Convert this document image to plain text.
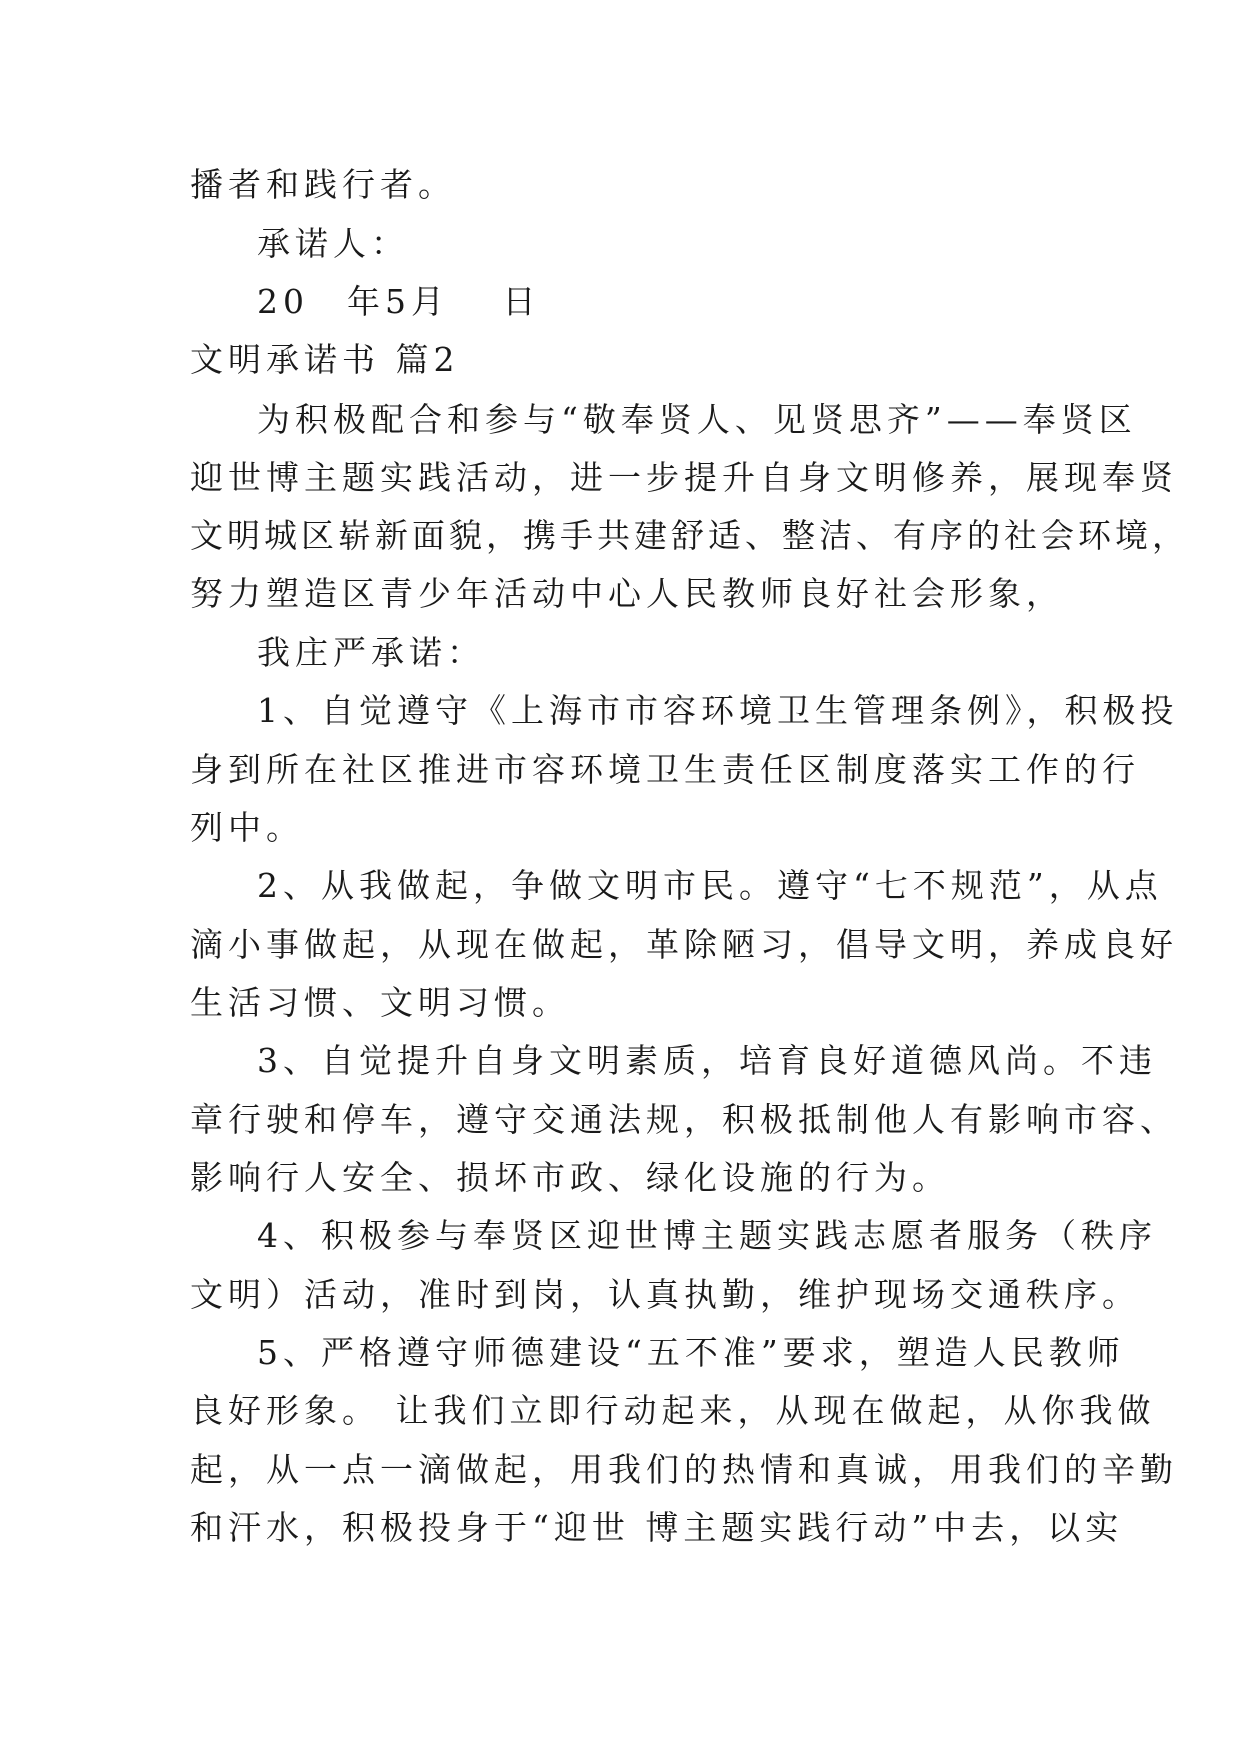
播者和践行者。
承诺人：
20　年5月　 日
文明承诺书 篇2
为积极配合和参与“敬奉贤人、见贤思齐”——奉贤区
迎世博主题实践活动，进一步提升自身文明修养，展现奉贤
文明城区崭新面貌，携手共建舒适、整洁、有序的社会环境，
努力塑造区青少年活动中心人民教师良好社会形象，
我庄严承诺：
1、自觉遵守《上海市市容环境卫生管理条例》，积极投
身到所在社区推进市容环境卫生责任区制度落实工作的行
列中。
2、从我做起，争做文明市民。遵守“七不规范”，从点
滴小事做起，从现在做起，革除陋习，倡导文明，养成良好
生活习惯、文明习惯。
3、自觉提升自身文明素质，培育良好道德风尚。不违
章行驶和停车，遵守交通法规，积极抵制他人有影响市容、
影响行人安全、损坏市政、绿化设施的行为。
4、积极参与奉贤区迎世博主题实践志愿者服务（秩序
文明）活动，准时到岗，认真执勤，维护现场交通秩序。
5、严格遵守师德建设“五不准”要求，塑造人民教师
良好形象。 让我们立即行动起来，从现在做起，从你我做
起，从一点一滴做起，用我们的热情和真诚，用我们的辛勤
和汗水，积极投身于“迎世 博主题实践行动”中去，以实
